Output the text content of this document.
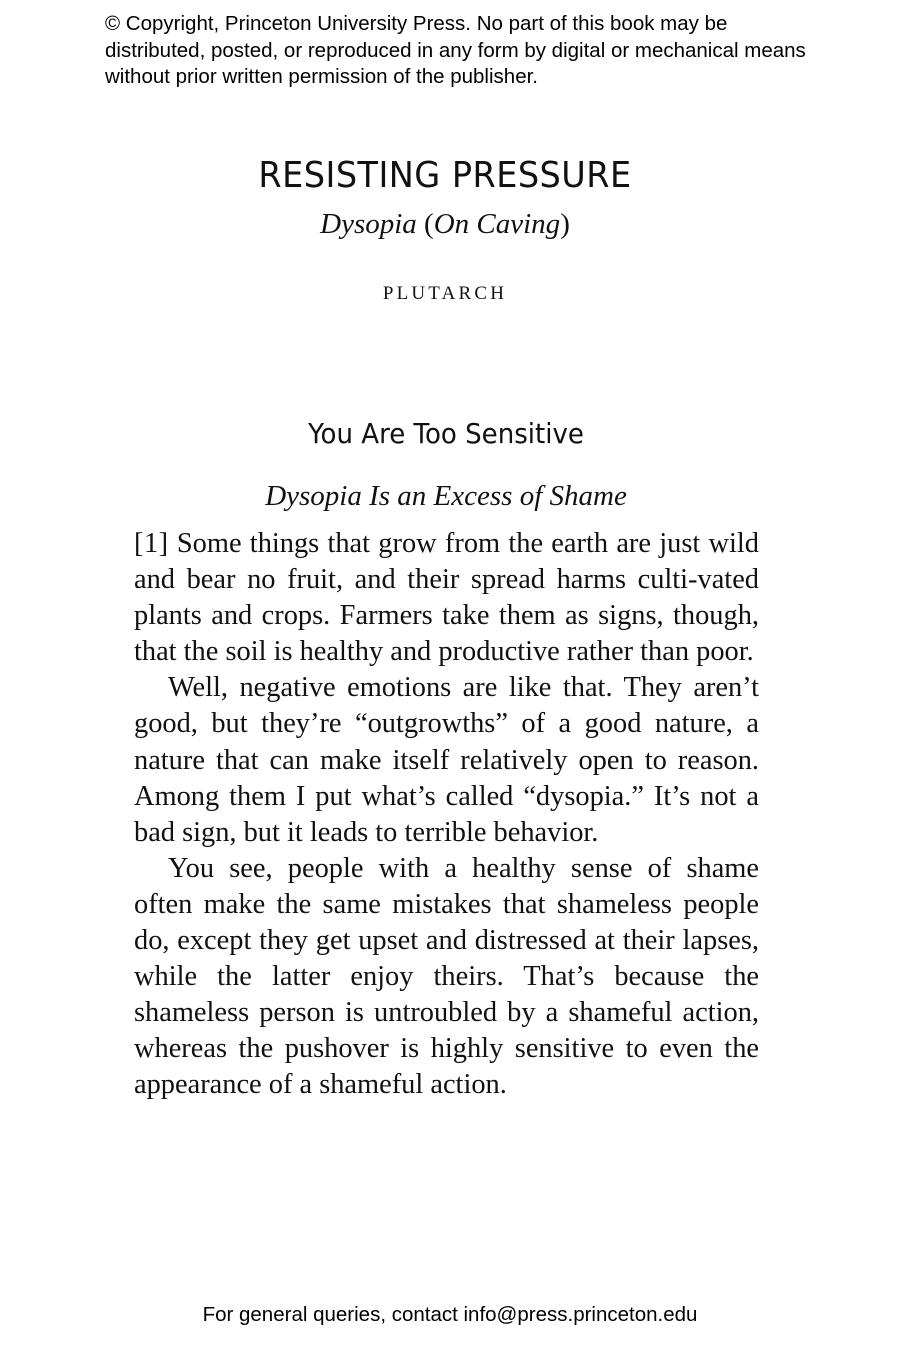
© Copyright, Princeton University Press. No part of this book may be distributed, posted, or reproduced in any form by digital or mechanical means without prior written permission of the publisher.
RESISTING PRESSURE
Dysopia (On Caving)
PLUTARCH
You Are Too Sensitive
Dysopia Is an Excess of Shame

[1] Some things that grow from the earth are just wild and bear no fruit, and their spread harms culti-vated plants and crops. Farmers take them as signs, though, that the soil is healthy and productive rather than poor.

Well, negative emotions are like that. They aren’t good, but they’re “outgrowths” of a good nature, a nature that can make itself relatively open to reason. Among them I put what’s called “dysopia.” It’s not a bad sign, but it leads to terrible behavior.

You see, people with a healthy sense of shame often make the same mistakes that shameless people do, except they get upset and distressed at their lapses, while the latter enjoy theirs. That’s because the shameless person is untroubled by a shameful action, whereas the pushover is highly sensitive to even the appearance of a shameful action.

For general queries, contact info@press.princeton.edu
